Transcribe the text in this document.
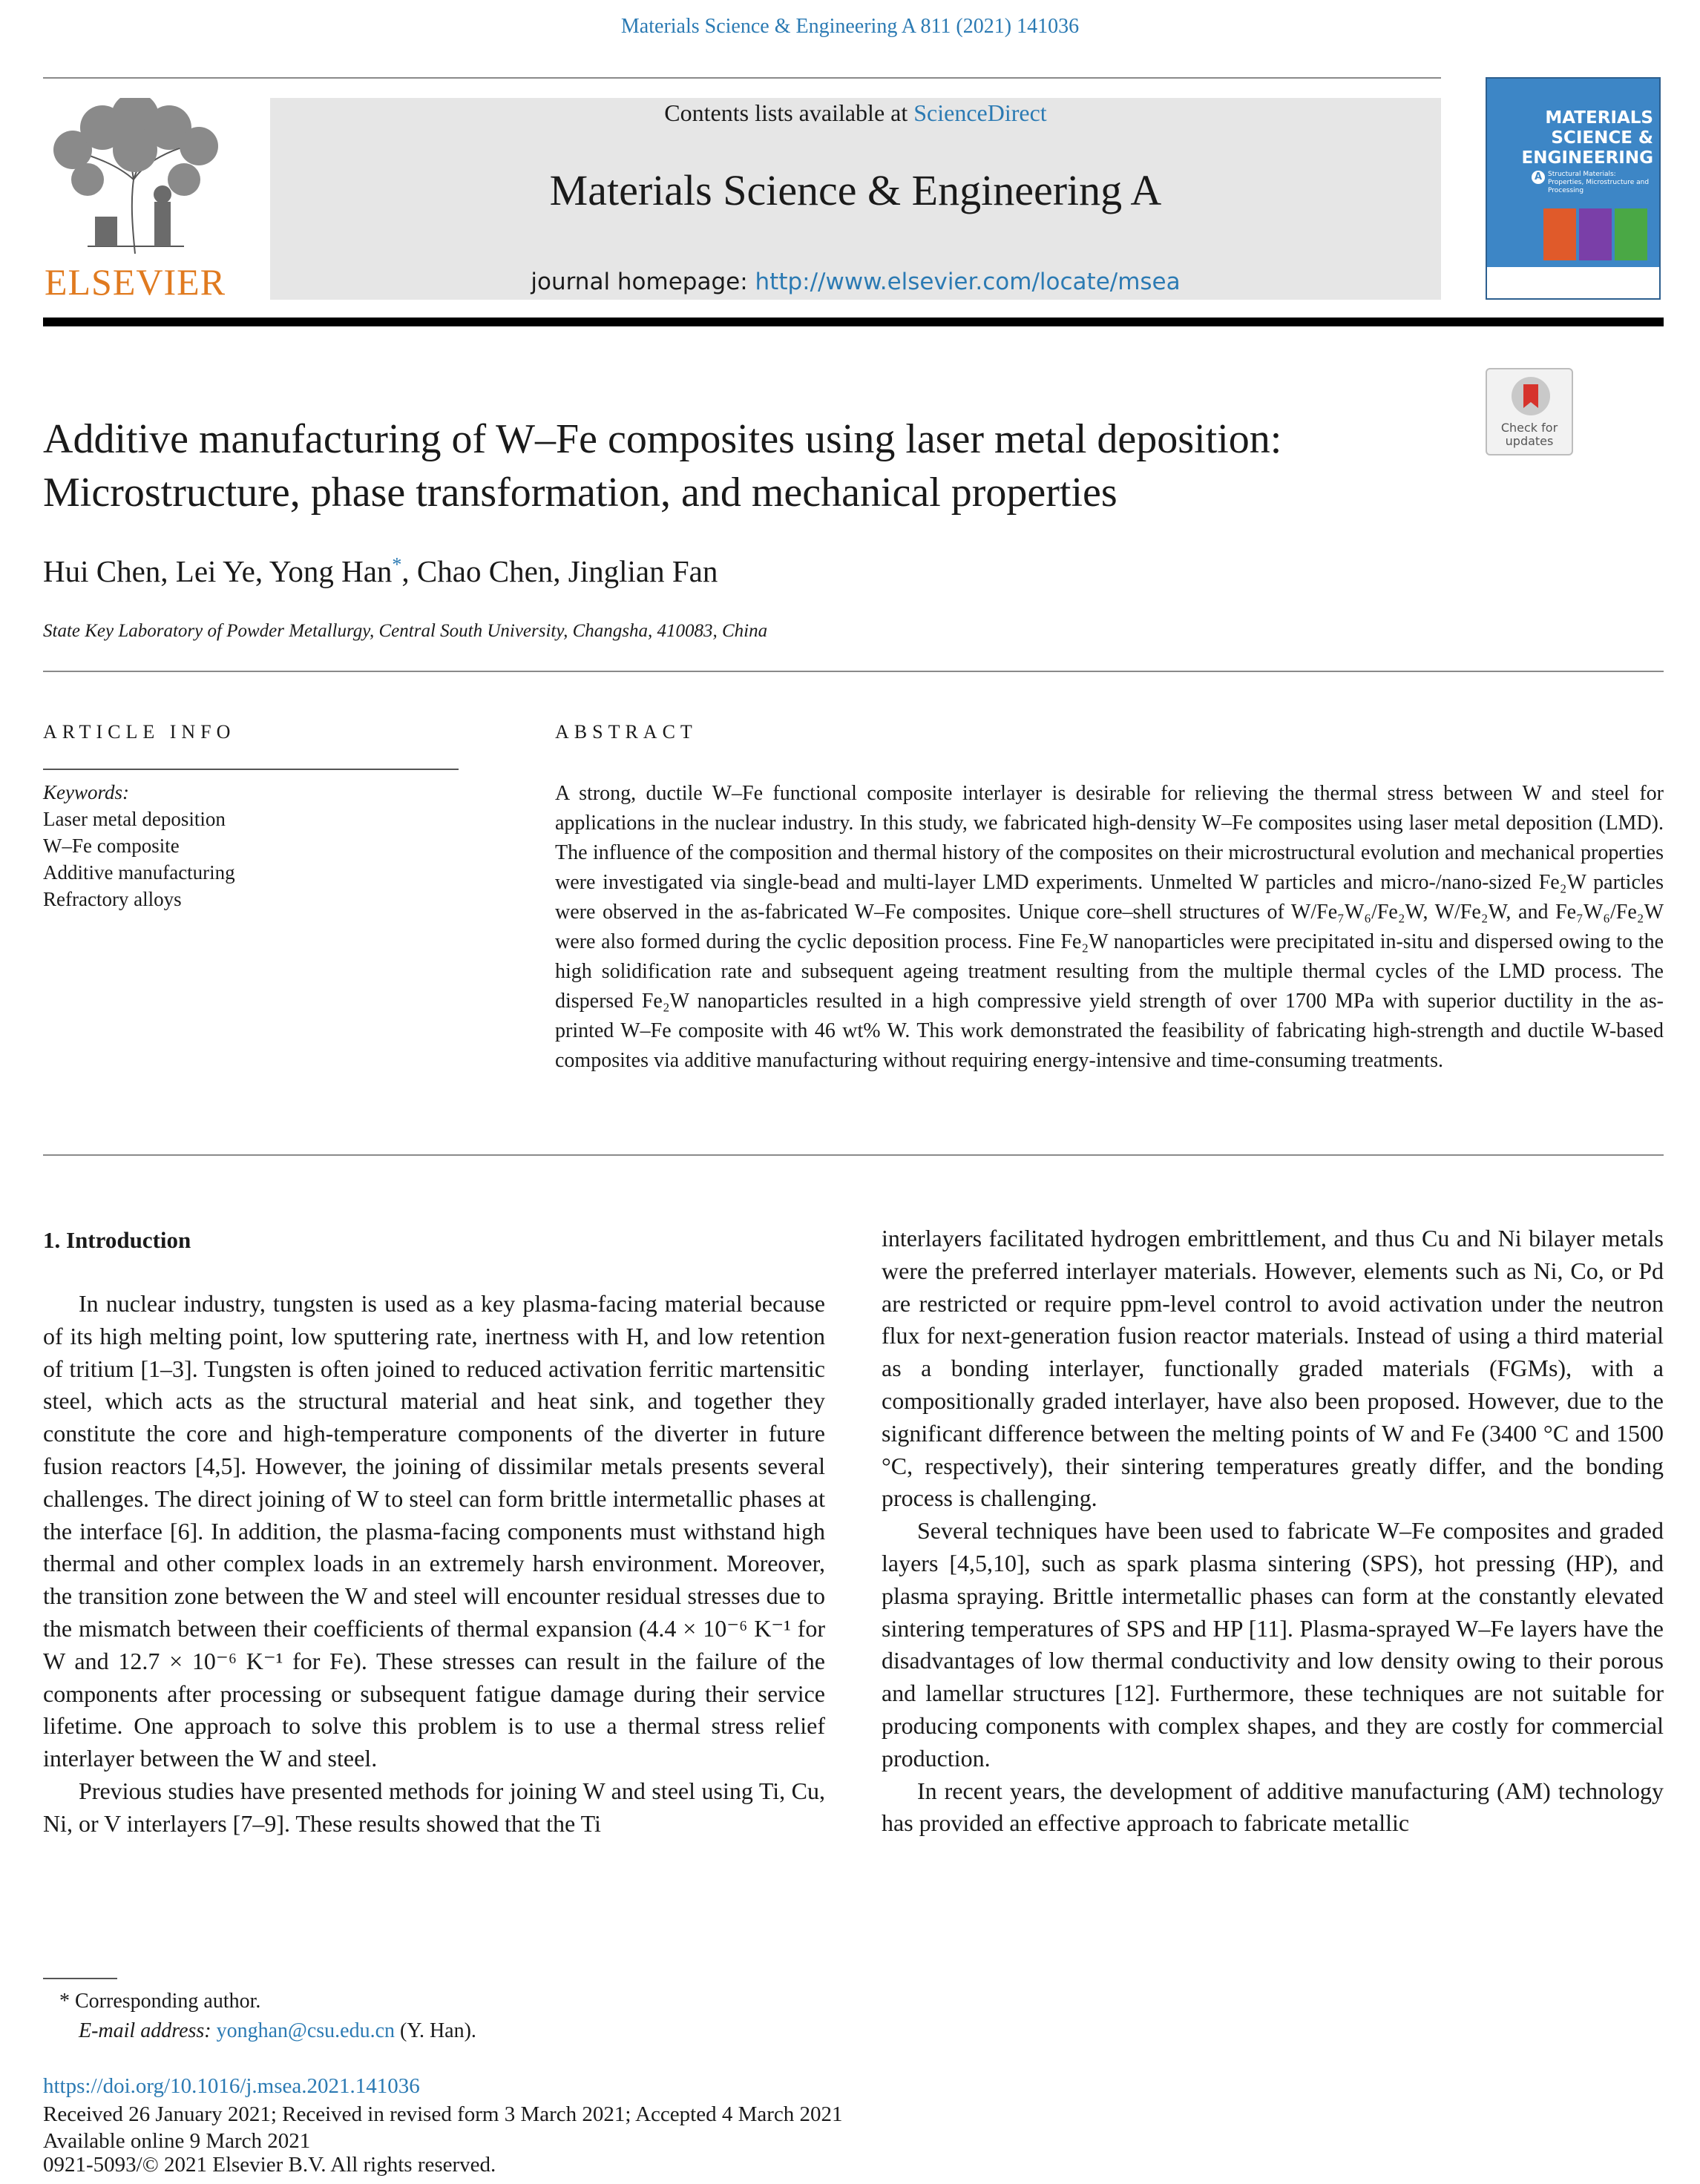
Materials Science & Engineering A 811 (2021) 141036
ELSEVIER
Contents lists available at ScienceDirect
Materials Science & Engineering A
journal homepage: http://www.elsevier.com/locate/msea
MATERIALS SCIENCE & ENGINEERING
A Structural Materials: Properties, Microstructure and Processing
Check for updates
Additive manufacturing of W–Fe composites using laser metal deposition:
Microstructure, phase transformation, and mechanical properties
Hui Chen, Lei Ye, Yong Han*, Chao Chen, Jinglian Fan
State Key Laboratory of Powder Metallurgy, Central South University, Changsha, 410083, China
ARTICLE INFO	ABSTRACT
Keywords:
Laser metal deposition
W–Fe composite
Additive manufacturing
Refractory alloys
A strong, ductile W–Fe functional composite interlayer is desirable for relieving the thermal stress between W and steel for applications in the nuclear industry. In this study, we fabricated high-density W–Fe composites using laser metal deposition (LMD). The influence of the composition and thermal history of the composites on their microstructural evolution and mechanical properties were investigated via single-bead and multi-layer LMD experiments. Unmelted W particles and micro-/nano-sized Fe₂W particles were observed in the as-fabricated W–Fe composites. Unique core–shell structures of W/Fe₇W₆/Fe₂W, W/Fe₂W, and Fe₇W₆/Fe₂W were also formed during the cyclic deposition process. Fine Fe₂W nanoparticles were precipitated in-situ and dispersed owing to the high solidification rate and subsequent ageing treatment resulting from the multiple thermal cycles of the LMD process. The dispersed Fe₂W nanoparticles resulted in a high compressive yield strength of over 1700 MPa with superior ductility in the as-printed W–Fe composite with 46 wt% W. This work demonstrated the feasibility of fabricating high-strength and ductile W-based composites via additive manufacturing without requiring energy-intensive and time-consuming treatments.
1. Introduction

In nuclear industry, tungsten is used as a key plasma-facing material because of its high melting point, low sputtering rate, inertness with H, and low retention of tritium [1–3]. Tungsten is often joined to reduced activation ferritic martensitic steel, which acts as the structural material and heat sink, and together they constitute the core and high-temperature components of the diverter in future fusion reactors [4,5]. However, the joining of dissimilar metals presents several challenges. The direct joining of W to steel can form brittle intermetallic phases at the interface [6]. In addition, the plasma-facing components must withstand high thermal and other complex loads in an extremely harsh environment. Moreover, the transition zone between the W and steel will encounter residual stresses due to the mismatch between their coefficients of thermal expansion (4.4 × 10⁻⁶ K⁻¹ for W and 12.7 × 10⁻⁶ K⁻¹ for Fe). These stresses can result in the failure of the components after processing or subsequent fatigue damage during their service lifetime. One approach to solve this problem is to use a thermal stress relief interlayer between the W and steel.

Previous studies have presented methods for joining W and steel using Ti, Cu, Ni, or V interlayers [7–9]. These results showed that the Ti

interlayers facilitated hydrogen embrittlement, and thus Cu and Ni bilayer metals were the preferred interlayer materials. However, elements such as Ni, Co, or Pd are restricted or require ppm-level control to avoid activation under the neutron flux for next-generation fusion reactor materials. Instead of using a third material as a bonding interlayer, functionally graded materials (FGMs), with a compositionally graded interlayer, have also been proposed. However, due to the significant difference between the melting points of W and Fe (3400 °C and 1500 °C, respectively), their sintering temperatures greatly differ, and the bonding process is challenging.

Several techniques have been used to fabricate W–Fe composites and graded layers [4,5,10], such as spark plasma sintering (SPS), hot pressing (HP), and plasma spraying. Brittle intermetallic phases can form at the constantly elevated sintering temperatures of SPS and HP [11]. Plasma-sprayed W–Fe layers have the disadvantages of low thermal conductivity and low density owing to their porous and lamellar structures [12]. Furthermore, these techniques are not suitable for producing components with complex shapes, and they are costly for commercial production.

In recent years, the development of additive manufacturing (AM) technology has provided an effective approach to fabricate metallic

* Corresponding author.
E-mail address: yonghan@csu.edu.cn (Y. Han).
https://doi.org/10.1016/j.msea.2021.141036
Received 26 January 2021; Received in revised form 3 March 2021; Accepted 4 March 2021
Available online 9 March 2021
0921-5093/© 2021 Elsevier B.V. All rights reserved.
